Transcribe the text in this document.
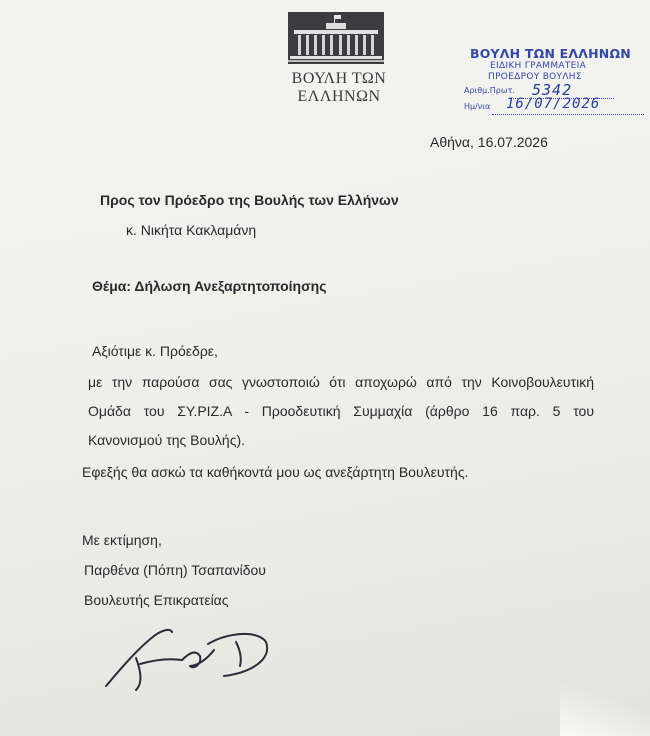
ΒΟΥΛΗ ΤΩΝ ΕΛΛΗΝΩΝ
ΒΟΥΛΗ ΤΩΝ ΕΛΛΗΝΩΝ
ΕΙΔΙΚΗ ΓΡΑΜΜΑΤΕΙΑ
ΠΡΟΕΔΡΟΥ ΒΟΥΛΗΣ
Αριθμ.Πρωτ. 5342
Ημ/νια 16/07/2026
Αθήνα, 16.07.2026
Προς τον Πρόεδρο της Βουλής των Ελλήνων
κ. Νικήτα Κακλαμάνη
Θέμα: Δήλωση Ανεξαρτητοποίησης
Αξιότιμε κ. Πρόεδρε,
με την παρούσα σας γνωστοποιώ ότι αποχωρώ από την Κοινοβουλευτική
Ομάδα του ΣΥ.ΡΙΖ.Α - Προοδευτική Συμμαχία (άρθρο 16 παρ. 5 του
Κανονισμού της Βουλής).
Εφεξής θα ασκώ τα καθήκοντά μου ως ανεξάρτητη Βουλευτής.
Με εκτίμηση,
Παρθένα (Πόπη) Τσαπανίδου
Βουλευτής Επικρατείας
